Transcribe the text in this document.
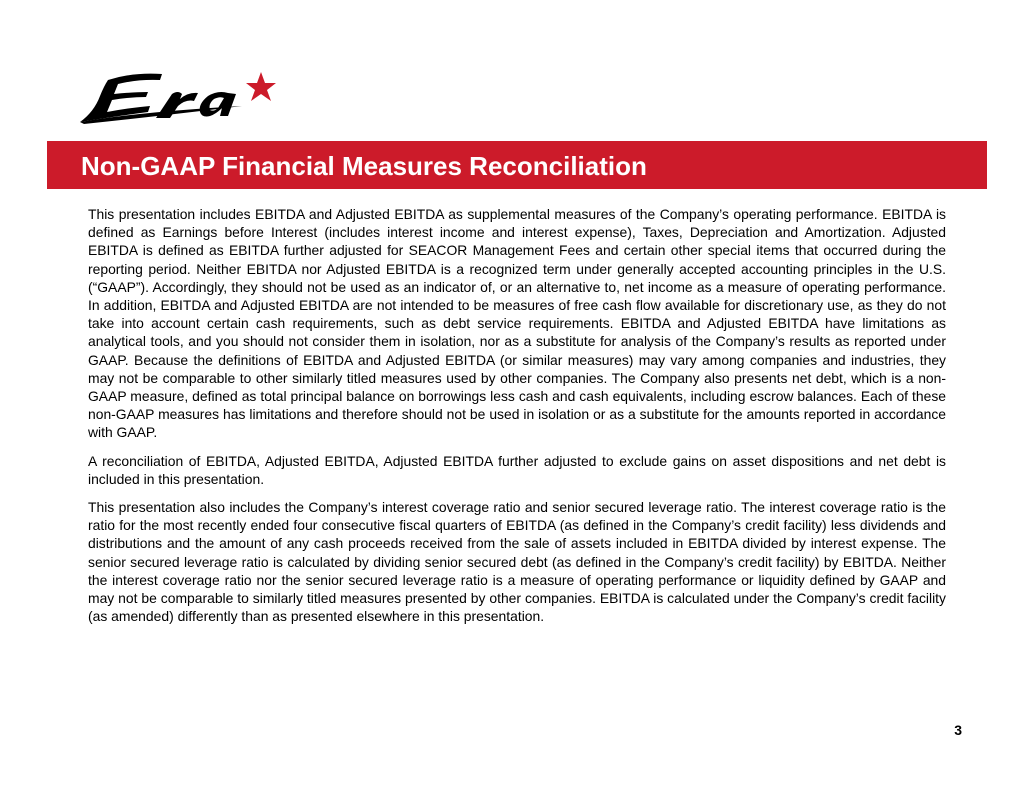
Non-GAAP Financial Measures Reconciliation

This presentation includes EBITDA and Adjusted EBITDA as supplemental measures of the Company’s operating performance. EBITDA is defined as Earnings before Interest (includes interest income and interest expense), Taxes, Depreciation and Amortization. Adjusted EBITDA is defined as EBITDA further adjusted for SEACOR Management Fees and certain other special items that occurred during the reporting period. Neither EBITDA nor Adjusted EBITDA is a recognized term under generally accepted accounting principles in the U.S. (“GAAP”). Accordingly, they should not be used as an indicator of, or an alternative to, net income as a measure of operating performance. In addition, EBITDA and Adjusted EBITDA are not intended to be measures of free cash flow available for discretionary use, as they do not take into account certain cash requirements, such as debt service requirements. EBITDA and Adjusted EBITDA have limitations as analytical tools, and you should not consider them in isolation, nor as a substitute for analysis of the Company’s results as reported under GAAP. Because the definitions of EBITDA and Adjusted EBITDA (or similar measures) may vary among companies and industries, they may not be comparable to other similarly titled measures used by other companies. The Company also presents net debt, which is a non-GAAP measure, defined as total principal balance on borrowings less cash and cash equivalents, including escrow balances. Each of these non-GAAP measures has limitations and therefore should not be used in isolation or as a substitute for the amounts reported in accordance with GAAP.

A reconciliation of EBITDA, Adjusted EBITDA, Adjusted EBITDA further adjusted to exclude gains on asset dispositions and net debt is included in this presentation.

This presentation also includes the Company’s interest coverage ratio and senior secured leverage ratio. The interest coverage ratio is the ratio for the most recently ended four consecutive fiscal quarters of EBITDA (as defined in the Company’s credit facility) less dividends and distributions and the amount of any cash proceeds received from the sale of assets included in EBITDA divided by interest expense. The senior secured leverage ratio is calculated by dividing senior secured debt (as defined in the Company’s credit facility) by EBITDA. Neither the interest coverage ratio nor the senior secured leverage ratio is a measure of operating performance or liquidity defined by GAAP and may not be comparable to similarly titled measures presented by other companies. EBITDA is calculated under the Company’s credit facility (as amended) differently than as presented elsewhere in this presentation.

3
